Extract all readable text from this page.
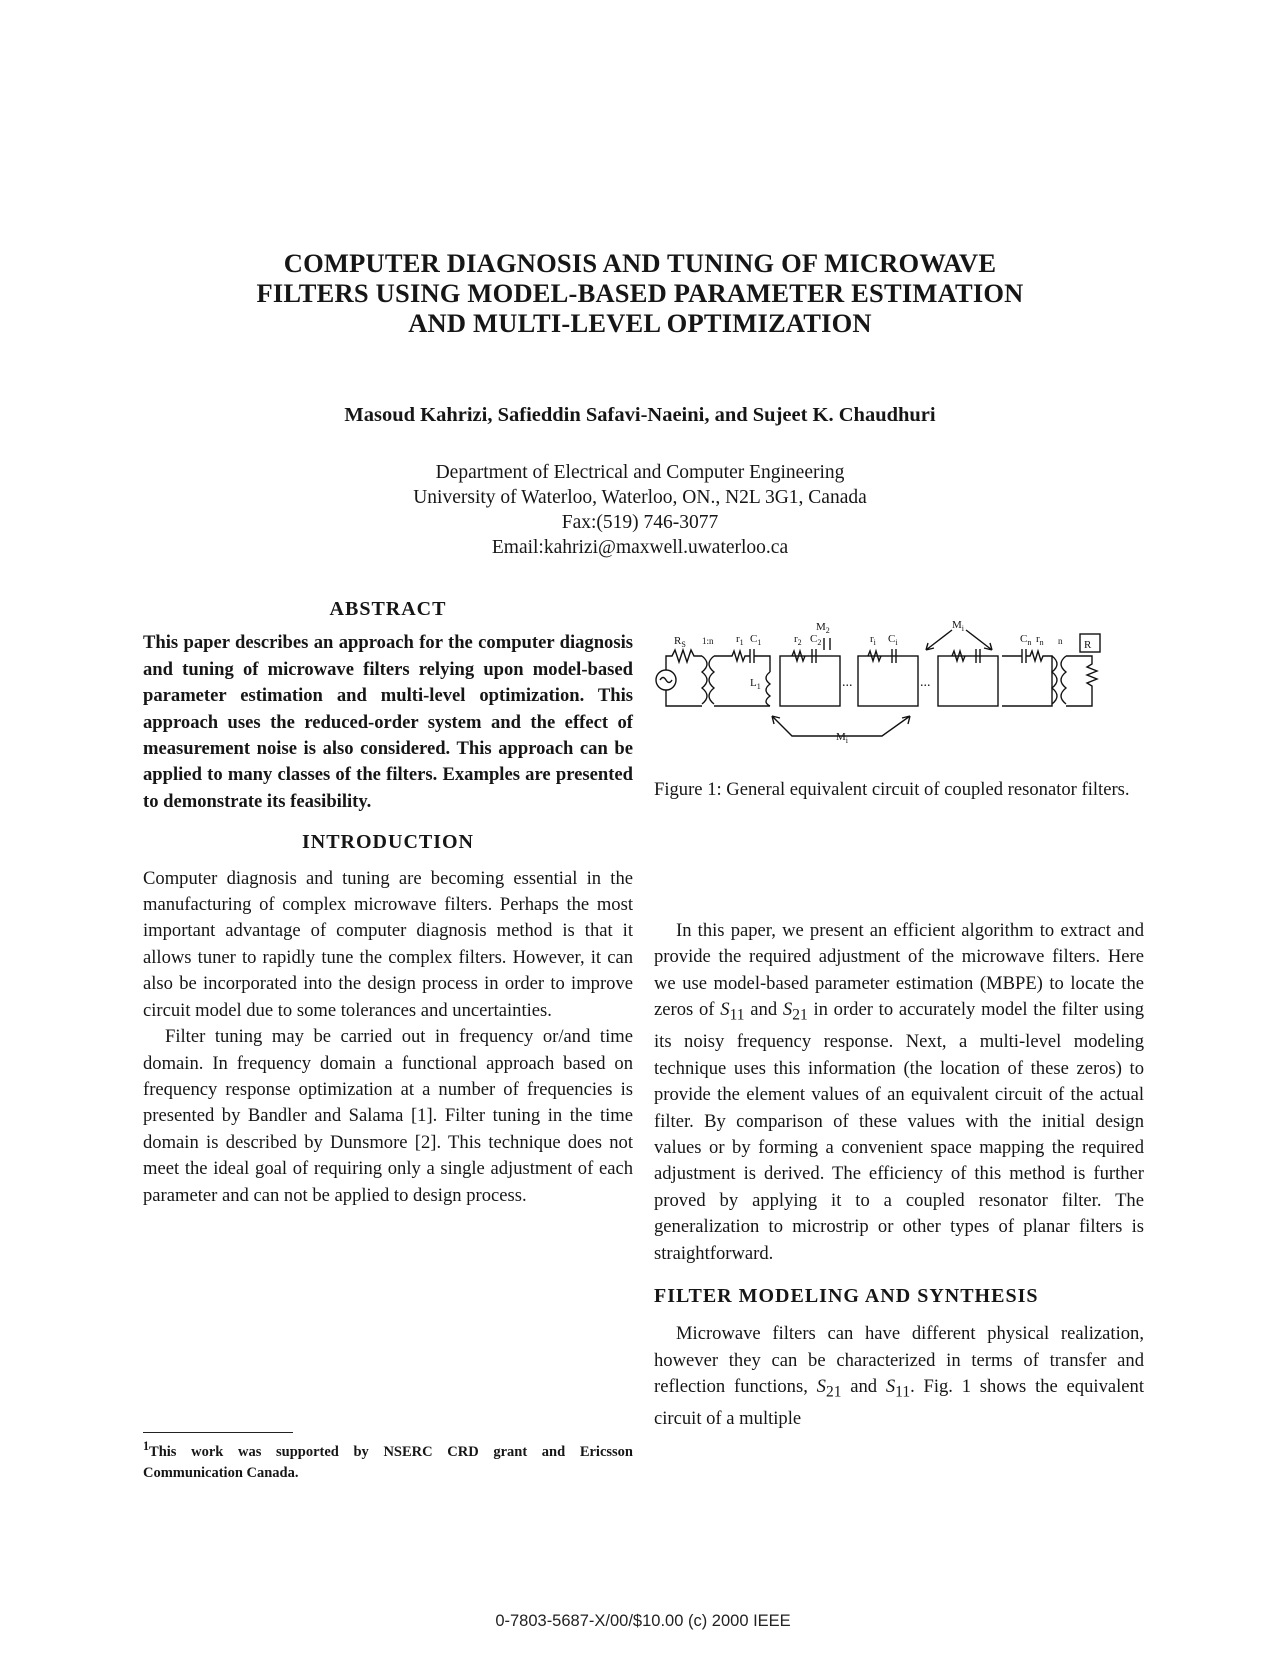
COMPUTER DIAGNOSIS AND TUNING OF MICROWAVE
FILTERS USING MODEL-BASED PARAMETER ESTIMATION
AND MULTI-LEVEL OPTIMIZATION
Masoud Kahrizi, Safieddin Safavi-Naeini, and Sujeet K. Chaudhuri
Department of Electrical and Computer Engineering
University of Waterloo, Waterloo, ON., N2L 3G1, Canada
Fax:(519) 746-3077
Email:kahrizi@maxwell.uwaterloo.ca

ABSTRACT

This paper describes an approach for the computer diagnosis and tuning of microwave filters relying upon model-based parameter estimation and multi-level optimization. This approach uses the reduced-order system and the effect of measurement noise is also considered. This approach can be applied to many classes of the filters. Examples are presented to demonstrate its feasibility.

INTRODUCTION

Computer diagnosis and tuning are becoming essential in the manufacturing of complex microwave filters. Perhaps the most important advantage of computer diagnosis method is that it allows tuner to rapidly tune the complex filters. However, it can also be incorporated into the design process in order to improve circuit model due to some tolerances and uncertainties.

Filter tuning may be carried out in frequency or/and time domain. In frequency domain a functional approach based on frequency response optimization at a number of frequencies is presented by Bandler and Salama [1]. Filter tuning in the time domain is described by Dunsmore [2]. This technique does not meet the ideal goal of requiring only a single adjustment of each parameter and can not be applied to design process.

$^1$This work was supported by NSERC CRD grant and Ericsson Communication Canada.
$R_S$ 1:n $r_1$ $C_1$
$L_1$
$r_2$ $C_2$
$M_2$
...
$r_i$ $C_i$
...
$M_i$
$C_n$ $r_n$ n R
$M_i$
Figure 1: General equivalent circuit of coupled resonator filters.

In this paper, we present an efficient algorithm to extract and provide the required adjustment of the microwave filters. Here we use model-based parameter estimation (MBPE) to locate the zeros of $S_{11}$ and $S_{21}$ in order to accurately model the filter using its noisy frequency response. Next, a multi-level modeling technique uses this information (the location of these zeros) to provide the element values of an equivalent circuit of the actual filter. By comparison of these values with the initial design values or by forming a convenient space mapping the required adjustment is derived. The efficiency of this method is further proved by applying it to a coupled resonator filter. The generalization to microstrip or other types of planar filters is straightforward.

FILTER MODELING AND SYNTHESIS

Microwave filters can have different physical realization, however they can be characterized in terms of transfer and reflection functions, $S_{21}$ and $S_{11}$. Fig. 1 shows the equivalent circuit of a multiple

0-7803-5687-X/00/$10.00 (c) 2000 IEEE
